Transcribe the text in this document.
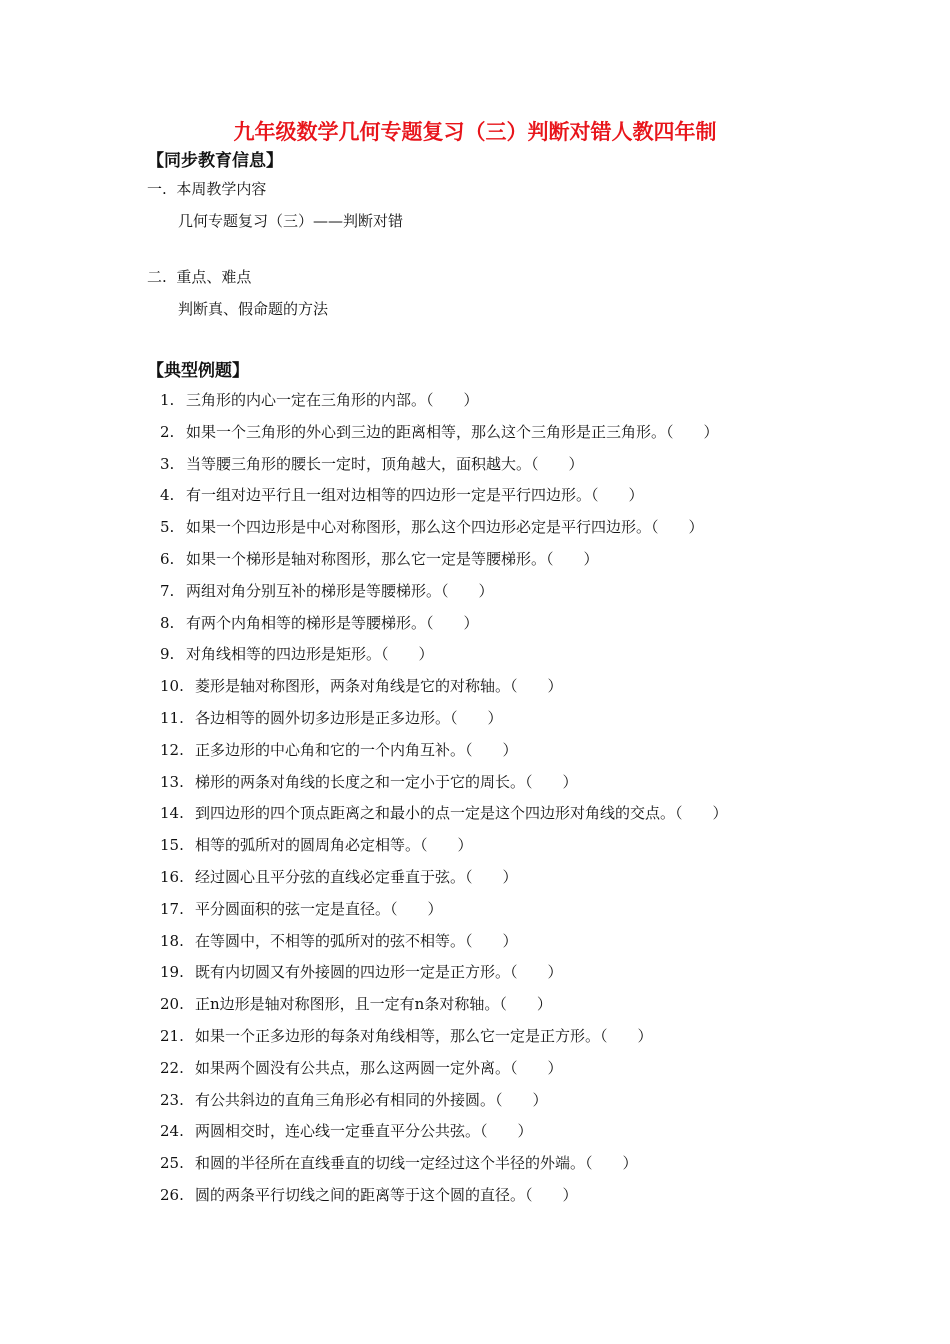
九年级数学几何专题复习（三）判断对错人教四年制
【同步教育信息】
一. 本周教学内容
几何专题复习（三）——判断对错
二. 重点、难点
判断真、假命题的方法
【典型例题】
1. 三角形的内心一定在三角形的内部。（　　）
2. 如果一个三角形的外心到三边的距离相等，那么这个三角形是正三角形。（　　）
3. 当等腰三角形的腰长一定时，顶角越大，面积越大。（　　）
4. 有一组对边平行且一组对边相等的四边形一定是平行四边形。（　　）
5. 如果一个四边形是中心对称图形，那么这个四边形必定是平行四边形。（　　）
6. 如果一个梯形是轴对称图形，那么它一定是等腰梯形。（　　）
7. 两组对角分别互补的梯形是等腰梯形。（　　）
8. 有两个内角相等的梯形是等腰梯形。（　　）
9. 对角线相等的四边形是矩形。（　　）
10. 菱形是轴对称图形，两条对角线是它的对称轴。（　　）
11. 各边相等的圆外切多边形是正多边形。（　　）
12. 正多边形的中心角和它的一个内角互补。（　　）
13. 梯形的两条对角线的长度之和一定小于它的周长。（　　）
14. 到四边形的四个顶点距离之和最小的点一定是这个四边形对角线的交点。（　　）
15. 相等的弧所对的圆周角必定相等。（　　）
16. 经过圆心且平分弦的直线必定垂直于弦。（　　）
17. 平分圆面积的弦一定是直径。（　　）
18. 在等圆中，不相等的弧所对的弦不相等。（　　）
19. 既有内切圆又有外接圆的四边形一定是正方形。（　　）
20. 正n边形是轴对称图形，且一定有n条对称轴。（　　）
21. 如果一个正多边形的每条对角线相等，那么它一定是正方形。（　　）
22. 如果两个圆没有公共点，那么这两圆一定外离。（　　）
23. 有公共斜边的直角三角形必有相同的外接圆。（　　）
24. 两圆相交时，连心线一定垂直平分公共弦。（　　）
25. 和圆的半径所在直线垂直的切线一定经过这个半径的外端。（　　）
26. 圆的两条平行切线之间的距离等于这个圆的直径。（　　）
